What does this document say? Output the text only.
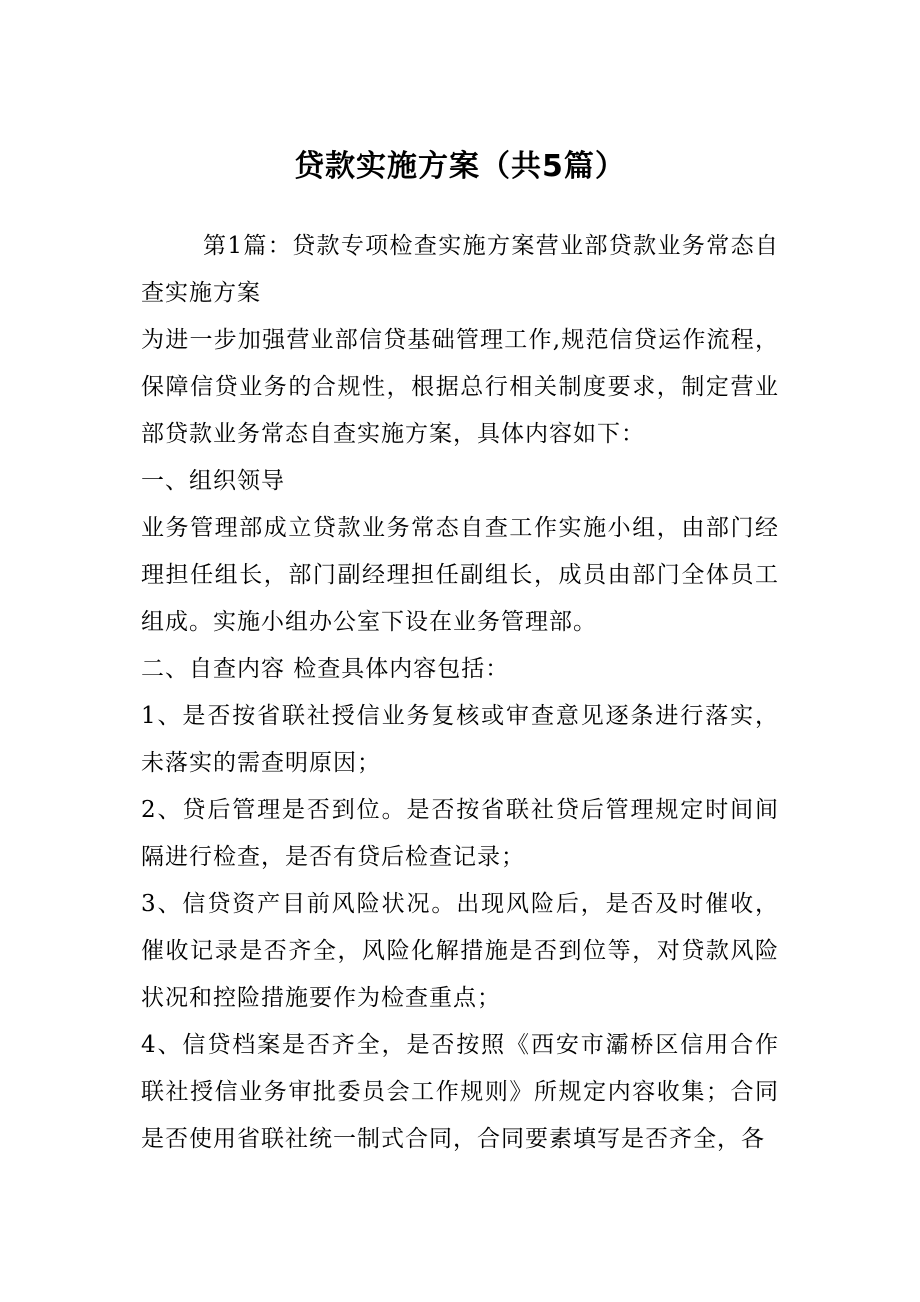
贷款实施方案（共5篇）

第1篇：贷款专项检查实施方案营业部贷款业务常态自查实施方案

为进一步加强营业部信贷基础管理工作,规范信贷运作流程，保障信贷业务的合规性，根据总行相关制度要求，制定营业部贷款业务常态自查实施方案，具体内容如下：

一、组织领导

业务管理部成立贷款业务常态自查工作实施小组，由部门经理担任组长，部门副经理担任副组长，成员由部门全体员工组成。实施小组办公室下设在业务管理部。

二、自查内容 检查具体内容包括：

1、是否按省联社授信业务复核或审查意见逐条进行落实，未落实的需查明原因；

2、贷后管理是否到位。是否按省联社贷后管理规定时间间隔进行检查，是否有贷后检查记录；

3、信贷资产目前风险状况。出现风险后，是否及时催收，催收记录是否齐全，风险化解措施是否到位等，对贷款风险状况和控险措施要作为检查重点；

4、信贷档案是否齐全，是否按照《西安市灞桥区信用合作联社授信业务审批委员会工作规则》所规定内容收集；合同是否使用省联社统一制式合同，合同要素填写是否齐全，各
